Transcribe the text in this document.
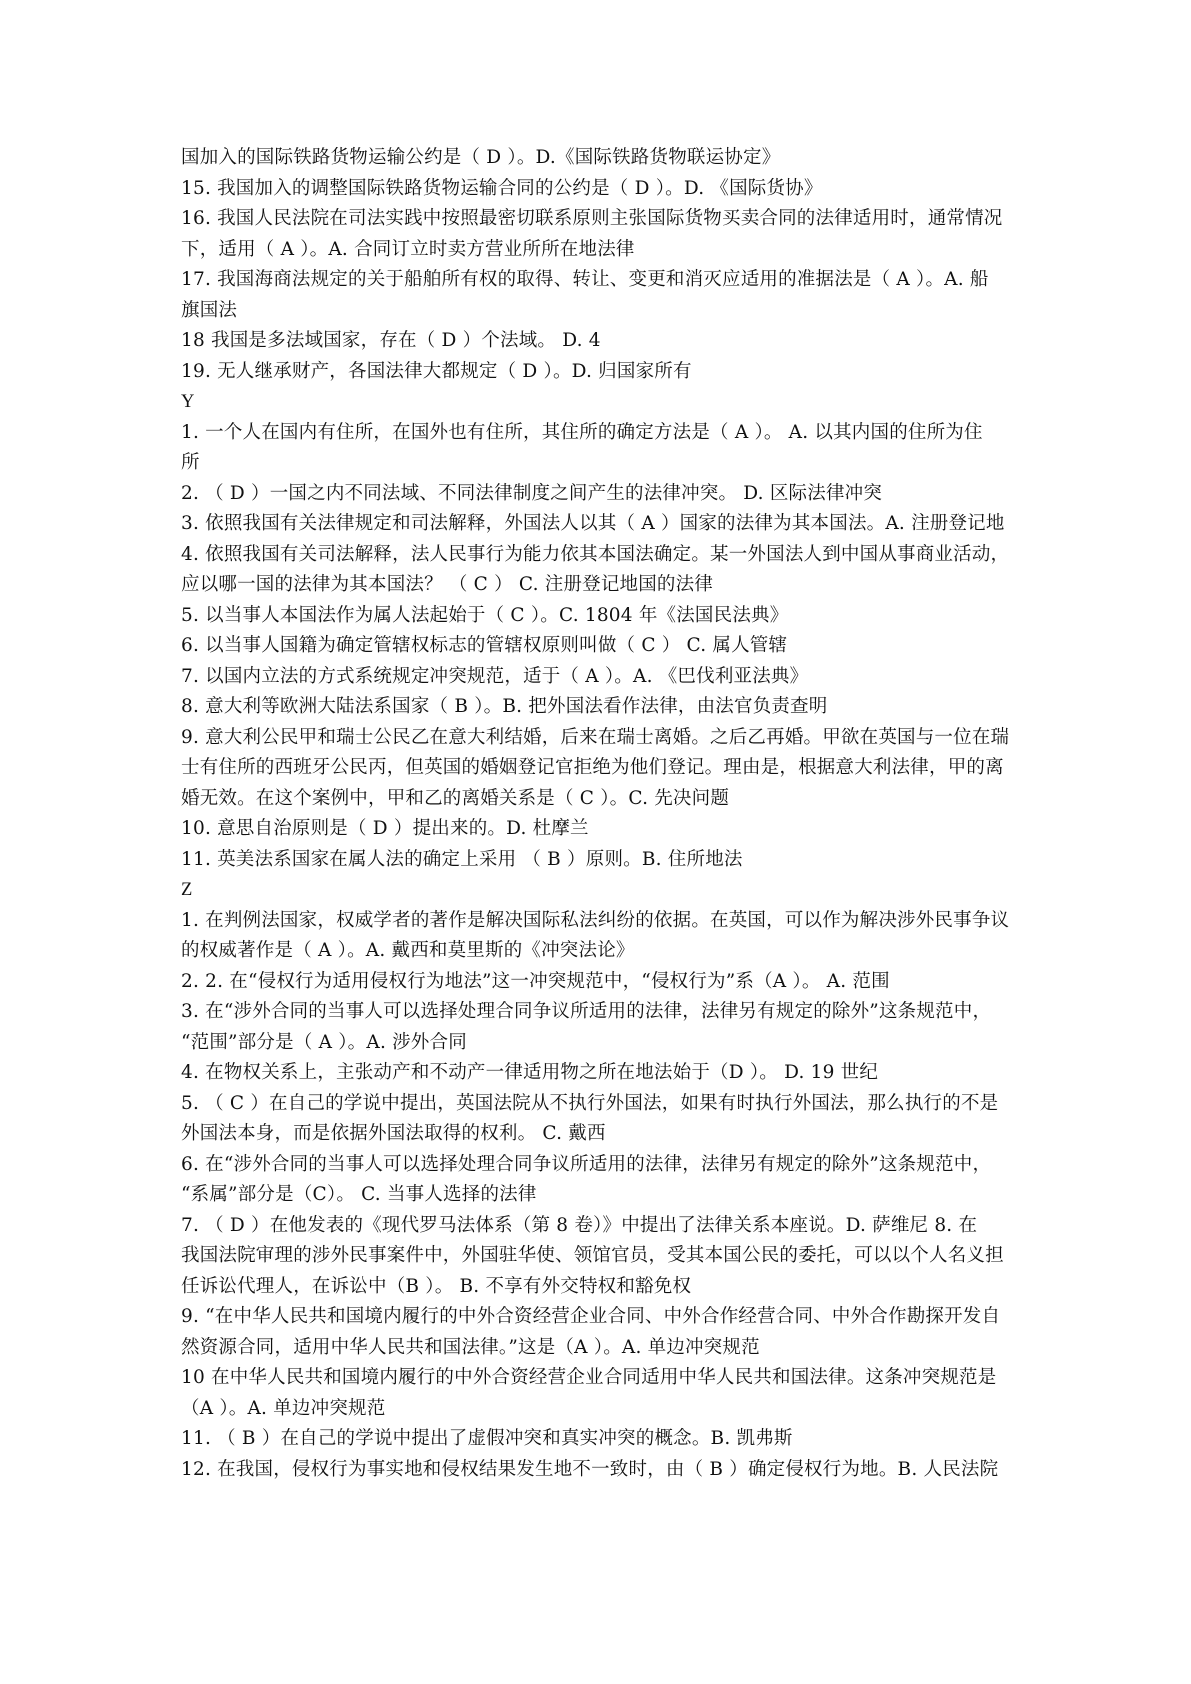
国加入的国际铁路货物运输公约是（ D ）。D.《国际铁路货物联运协定》
15. 我国加入的调整国际铁路货物运输合同的公约是（ D ）。D. 《国际货协》
16. 我国人民法院在司法实践中按照最密切联系原则主张国际货物买卖合同的法律适用时，通常情况
下，适用（ A ）。A. 合同订立时卖方营业所所在地法律
17. 我国海商法规定的关于船舶所有权的取得、转让、变更和消灭应适用的准据法是（ A ）。A. 船
旗国法
18 我国是多法域国家，存在（ D ）个法域。 D. 4
19. 无人继承财产，各国法律大都规定（ D ）。D. 归国家所有
Y
1. 一个人在国内有住所，在国外也有住所，其住所的确定方法是（ A ）。 A. 以其内国的住所为住
所
2. （ D ）一国之内不同法域、不同法律制度之间产生的法律冲突。 D. 区际法律冲突
3. 依照我国有关法律规定和司法解释，外国法人以其（ A ）国家的法律为其本国法。A. 注册登记地
4. 依照我国有关司法解释，法人民事行为能力依其本国法确定。某一外国法人到中国从事商业活动，
应以哪一国的法律为其本国法？ （ C ） C. 注册登记地国的法律
5. 以当事人本国法作为属人法起始于（ C ）。C. 1804 年《法国民法典》
6. 以当事人国籍为确定管辖权标志的管辖权原则叫做（ C ） C. 属人管辖
7. 以国内立法的方式系统规定冲突规范，适于（ A ）。A. 《巴伐利亚法典》
8. 意大利等欧洲大陆法系国家（ B ）。B. 把外国法看作法律，由法官负责查明
9. 意大利公民甲和瑞士公民乙在意大利结婚，后来在瑞士离婚。之后乙再婚。甲欲在英国与一位在瑞
士有住所的西班牙公民丙，但英国的婚姻登记官拒绝为他们登记。理由是，根据意大利法律，甲的离
婚无效。在这个案例中，甲和乙的离婚关系是（ C ）。C. 先决问题
10. 意思自治原则是（ D ）提出来的。D. 杜摩兰
11. 英美法系国家在属人法的确定上采用 （ B ）原则。B. 住所地法
Z
1. 在判例法国家，权威学者的著作是解决国际私法纠纷的依据。在英国，可以作为解决涉外民事争议
的权威著作是（ A ）。A. 戴西和莫里斯的《冲突法论》
2. 2. 在“侵权行为适用侵权行为地法”这一冲突规范中，“侵权行为”系（A ）。 A. 范围
3. 在“涉外合同的当事人可以选择处理合同争议所适用的法律，法律另有规定的除外”这条规范中，
“范围”部分是（ A ）。A. 涉外合同
4. 在物权关系上，主张动产和不动产一律适用物之所在地法始于（D ）。 D. 19 世纪
5. （ C ）在自己的学说中提出，英国法院从不执行外国法，如果有时执行外国法，那么执行的不是
外国法本身，而是依据外国法取得的权利。 C. 戴西
6. 在“涉外合同的当事人可以选择处理合同争议所适用的法律，法律另有规定的除外”这条规范中，
“系属”部分是（C）。 C. 当事人选择的法律
7. （ D ）在他发表的《现代罗马法体系（第 8 卷）》中提出了法律关系本座说。D. 萨维尼 8. 在
我国法院审理的涉外民事案件中，外国驻华使、领馆官员，受其本国公民的委托，可以以个人名义担
任诉讼代理人，在诉讼中（B ）。 B. 不享有外交特权和豁免权
9. “在中华人民共和国境内履行的中外合资经营企业合同、中外合作经营合同、中外合作勘探开发自
然资源合同，适用中华人民共和国法律。”这是（A ）。A. 单边冲突规范
10 在中华人民共和国境内履行的中外合资经营企业合同适用中华人民共和国法律。这条冲突规范是
（A ）。A. 单边冲突规范
11. （ B ）在自己的学说中提出了虚假冲突和真实冲突的概念。B. 凯弗斯
12. 在我国，侵权行为事实地和侵权结果发生地不一致时，由（ B ）确定侵权行为地。B. 人民法院
